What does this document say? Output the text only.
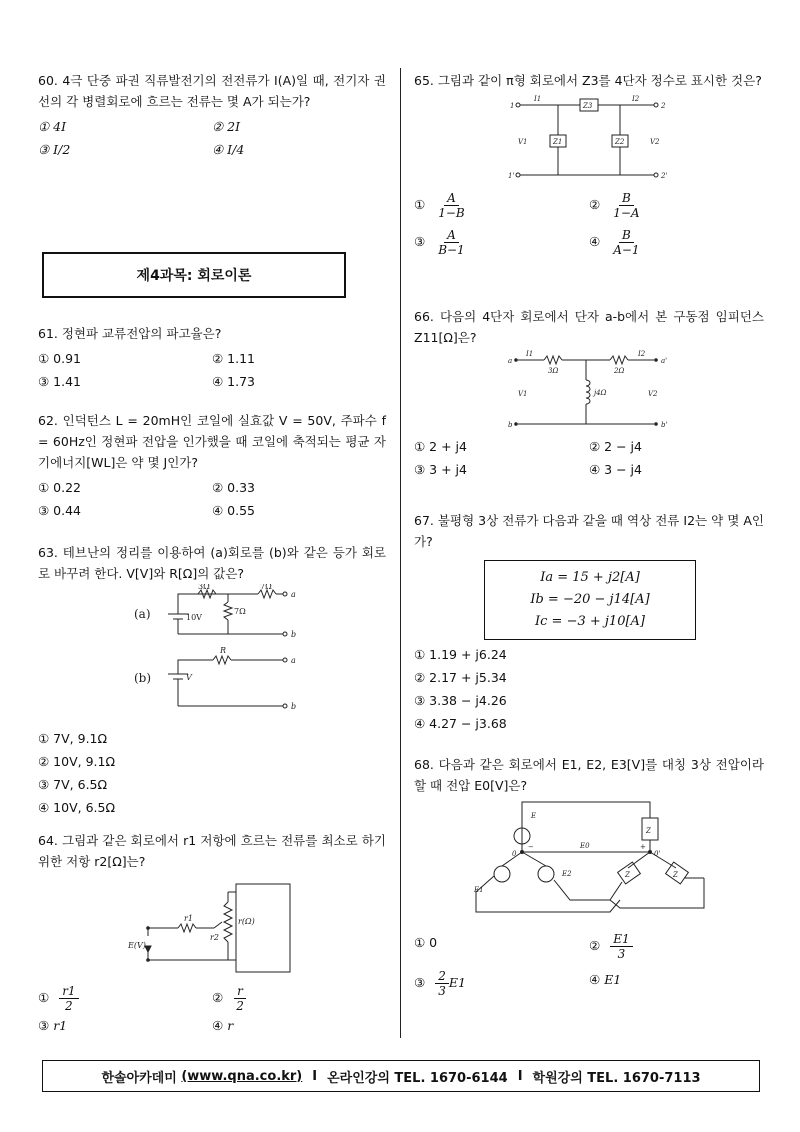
60. 4극 단중 파권 직류발전기의 전전류가 I(A)일 때, 전기자 권선의 각 병렬회로에 흐르는 전류는 몇 A가 되는가?
① 4I	② 2I
③ I/2	④ I/4
제4과목: 회로이론
61. 정현파 교류전압의 파고율은?
① 0.91	② 1.11
③ 1.41	④ 1.73
62. 인덕턴스 L = 20mH인 코일에 실효값 V = 50V, 주파수 f = 60Hz인 정현파 전압을 인가했을 때 코일에 축적되는 평균 자기에너지[WL]은 약 몇 J인가?
① 0.22	② 0.33
③ 0.44	④ 0.55
63. 테브난의 정리를 이용하여 (a)회로를 (b)와 같은 등가 회로로 바꾸려 한다. V[V]와 R[Ω]의 값은?
(a)
3Ω	7Ω
7Ω
10V
a
b
(b)
R
V
a
b
① 7V, 9.1Ω
② 10V, 9.1Ω
③ 7V, 6.5Ω
④ 10V, 6.5Ω
64. 그림과 같은 회로에서 r1 저항에 흐르는 전류를 최소로 하기 위한 저항 r2[Ω]는?
r1
r2
r(Ω)
E(V)
① $\frac{r1}{2}$	② $\frac{r}{2}$
③ r1	④ r
65. 그림과 같이 π형 회로에서 Z3를 4단자 정수로 표시한 것은?
1
1'
2
2'
I1	I2
V1	V2
Z3
Z1	Z2
① $\frac{A}{1-B}$	② $\frac{B}{1-A}$
③ $\frac{A}{B-1}$	④ $\frac{B}{A-1}$
66. 다음의 4단자 회로에서 단자 a-b에서 본 구동점 임피던스 Z11[Ω]은?
a
b
a'
b'
I1	I2
V1	V2
3Ω	2Ω
j4Ω
① 2 + j4	② 2 − j4
③ 3 + j4	④ 3 − j4
67. 불평형 3상 전류가 다음과 같을 때 역상 전류 I2는 약 몇 A인가?
Ia = 15 + j2[A]
Ib = −20 − j14[A]
Ic = −3 + j10[A]
① 1.19 + j6.24
② 2.17 + j5.34
③ 3.38 − j4.26
④ 4.27 − j3.68
68. 다음과 같은 회로에서 E1, E2, E3[V]를 대칭 3상 전압이라 할 때 전압 E0[V]은?
E
Z
E0
E1
E2	Z	Z
0	0'
−	+
① 0	② $\frac{E1}{3}$
③ $\frac{2}{3} E1$	④ E1
한솔아카데미
(www.qna.co.kr) I 온라인강의 TEL. 1670-6144 I 학원강의 TEL. 1670-7113
